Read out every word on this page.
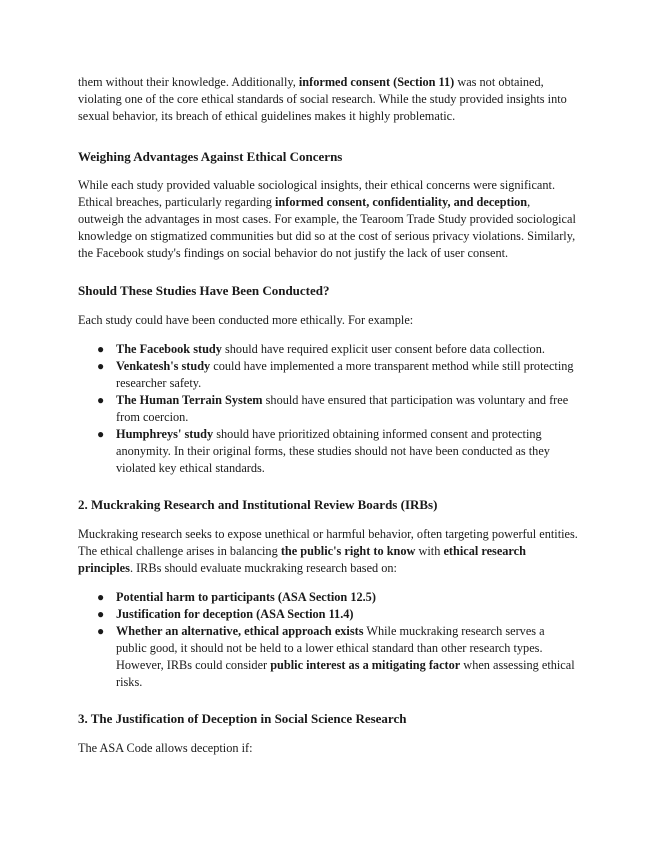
them without their knowledge. Additionally, informed consent (Section 11) was not obtained, violating one of the core ethical standards of social research. While the study provided insights into sexual behavior, its breach of ethical guidelines makes it highly problematic.

Weighing Advantages Against Ethical Concerns

While each study provided valuable sociological insights, their ethical concerns were significant. Ethical breaches, particularly regarding informed consent, confidentiality, and deception, outweigh the advantages in most cases. For example, the Tearoom Trade Study provided sociological knowledge on stigmatized communities but did so at the cost of serious privacy violations. Similarly, the Facebook study's findings on social behavior do not justify the lack of user consent.

Should These Studies Have Been Conducted?

Each study could have been conducted more ethically. For example:

● The Facebook study should have required explicit user consent before data collection.
● Venkatesh's study could have implemented a more transparent method while still protecting researcher safety.
● The Human Terrain System should have ensured that participation was voluntary and free from coercion.
● Humphreys' study should have prioritized obtaining informed consent and protecting anonymity. In their original forms, these studies should not have been conducted as they violated key ethical standards.
2. Muckraking Research and Institutional Review Boards (IRBs)

Muckraking research seeks to expose unethical or harmful behavior, often targeting powerful entities. The ethical challenge arises in balancing the public's right to know with ethical research principles. IRBs should evaluate muckraking research based on:

● Potential harm to participants (ASA Section 12.5)
● Justification for deception (ASA Section 11.4)
● Whether an alternative, ethical approach exists While muckraking research serves a public good, it should not be held to a lower ethical standard than other research types. However, IRBs could consider public interest as a mitigating factor when assessing ethical risks.
3. The Justification of Deception in Social Science Research

The ASA Code allows deception if:
